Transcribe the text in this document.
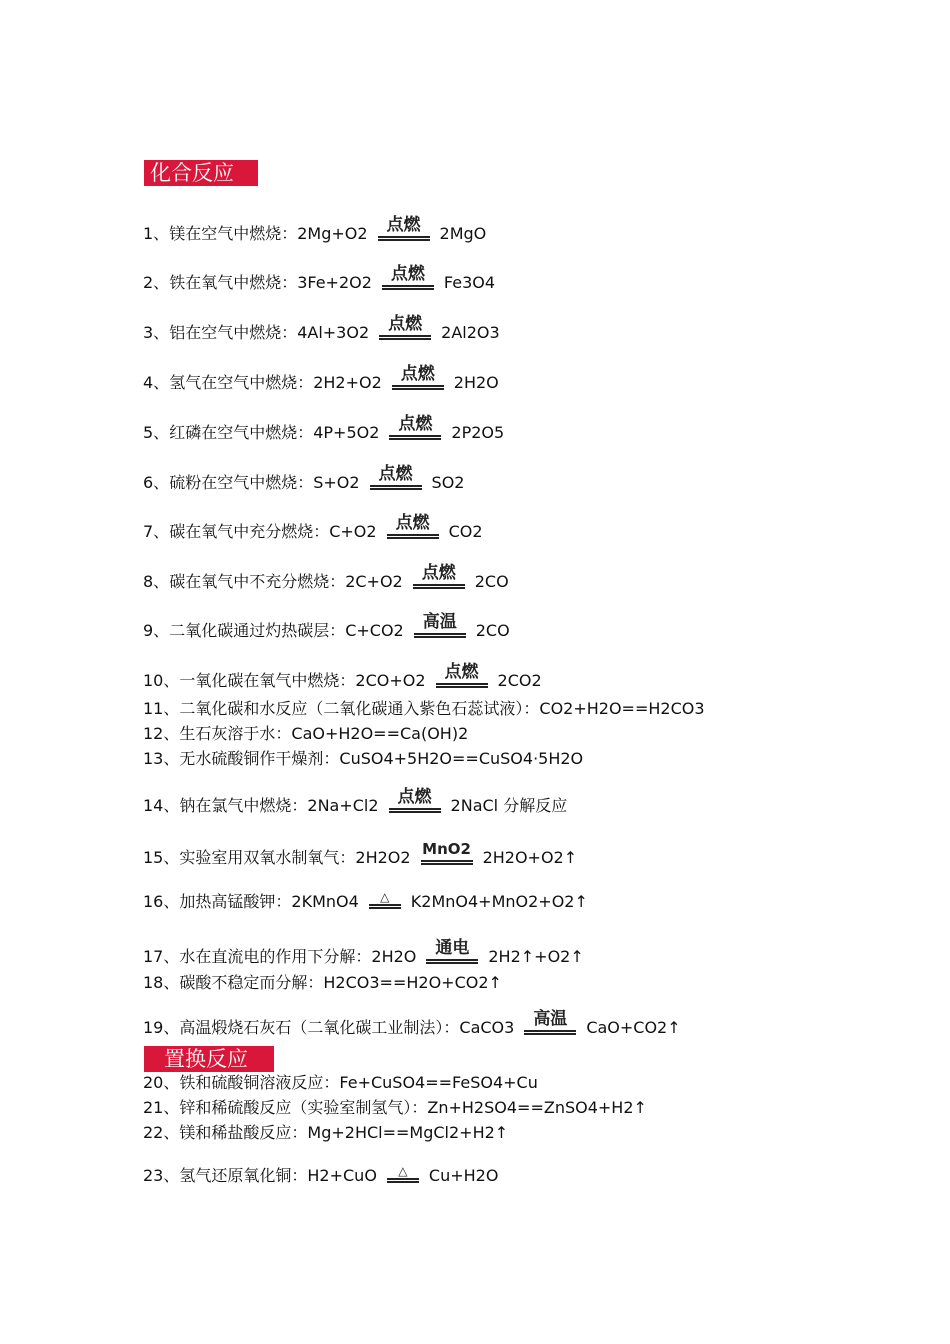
化合反应
置换反应
1、 镁在空气中燃烧： 2Mg+O2 点燃 2MgO
2、 铁在氧气中燃烧： 3Fe+2O2 点燃 Fe3O4
3、 铝在空气中燃烧： 4Al+3O2 点燃 2Al2O3
4、 氢气在空气中燃烧： 2H2+O2 点燃 2H2O
5、 红磷在空气中燃烧： 4P+5O2 点燃 2P2O5
6、 硫粉在空气中燃烧： S+O2 点燃 SO2
7、 碳在氧气中充分燃烧： C+O2 点燃 CO2
8、 碳在氧气中不充分燃烧： 2C+O2 点燃 2CO
9、 二氧化碳通过灼热碳层： C+CO2 高温 2CO
10、 一氧化碳在氧气中燃烧： 2CO+O2 点燃 2CO2
11、 二氧化碳和水反应（二氧化碳通入紫色石蕊试液）： CO2+H2O==H2CO3
12、 生石灰溶于水： CaO+H2O==Ca(OH)2
13、 无水硫酸铜作干燥剂： CuSO4+5H2O==CuSO4·5H2O
14、 钠在氯气中燃烧： 2Na+Cl2 点燃 2NaCl 分解反应
15、 实验室用双氧水制氧气： 2H2O2 MnO2 2H2O+O2↑
16、 加热高锰酸钾： 2KMnO4 △ K2MnO4+MnO2+O2↑
17、 水在直流电的作用下分解： 2H2O 通电 2H2↑+O2↑
18、 碳酸不稳定而分解： H2CO3==H2O+CO2↑
19、 高温煅烧石灰石（二氧化碳工业制法）： CaCO3 高温 CaO+CO2↑
20、 铁和硫酸铜溶液反应： Fe+CuSO4==FeSO4+Cu
21、 锌和稀硫酸反应（实验室制氢气）： Zn+H2SO4==ZnSO4+H2↑
22、 镁和稀盐酸反应： Mg+2HCl==MgCl2+H2↑
23、 氢气还原氧化铜： H2+CuO △ Cu+H2O
